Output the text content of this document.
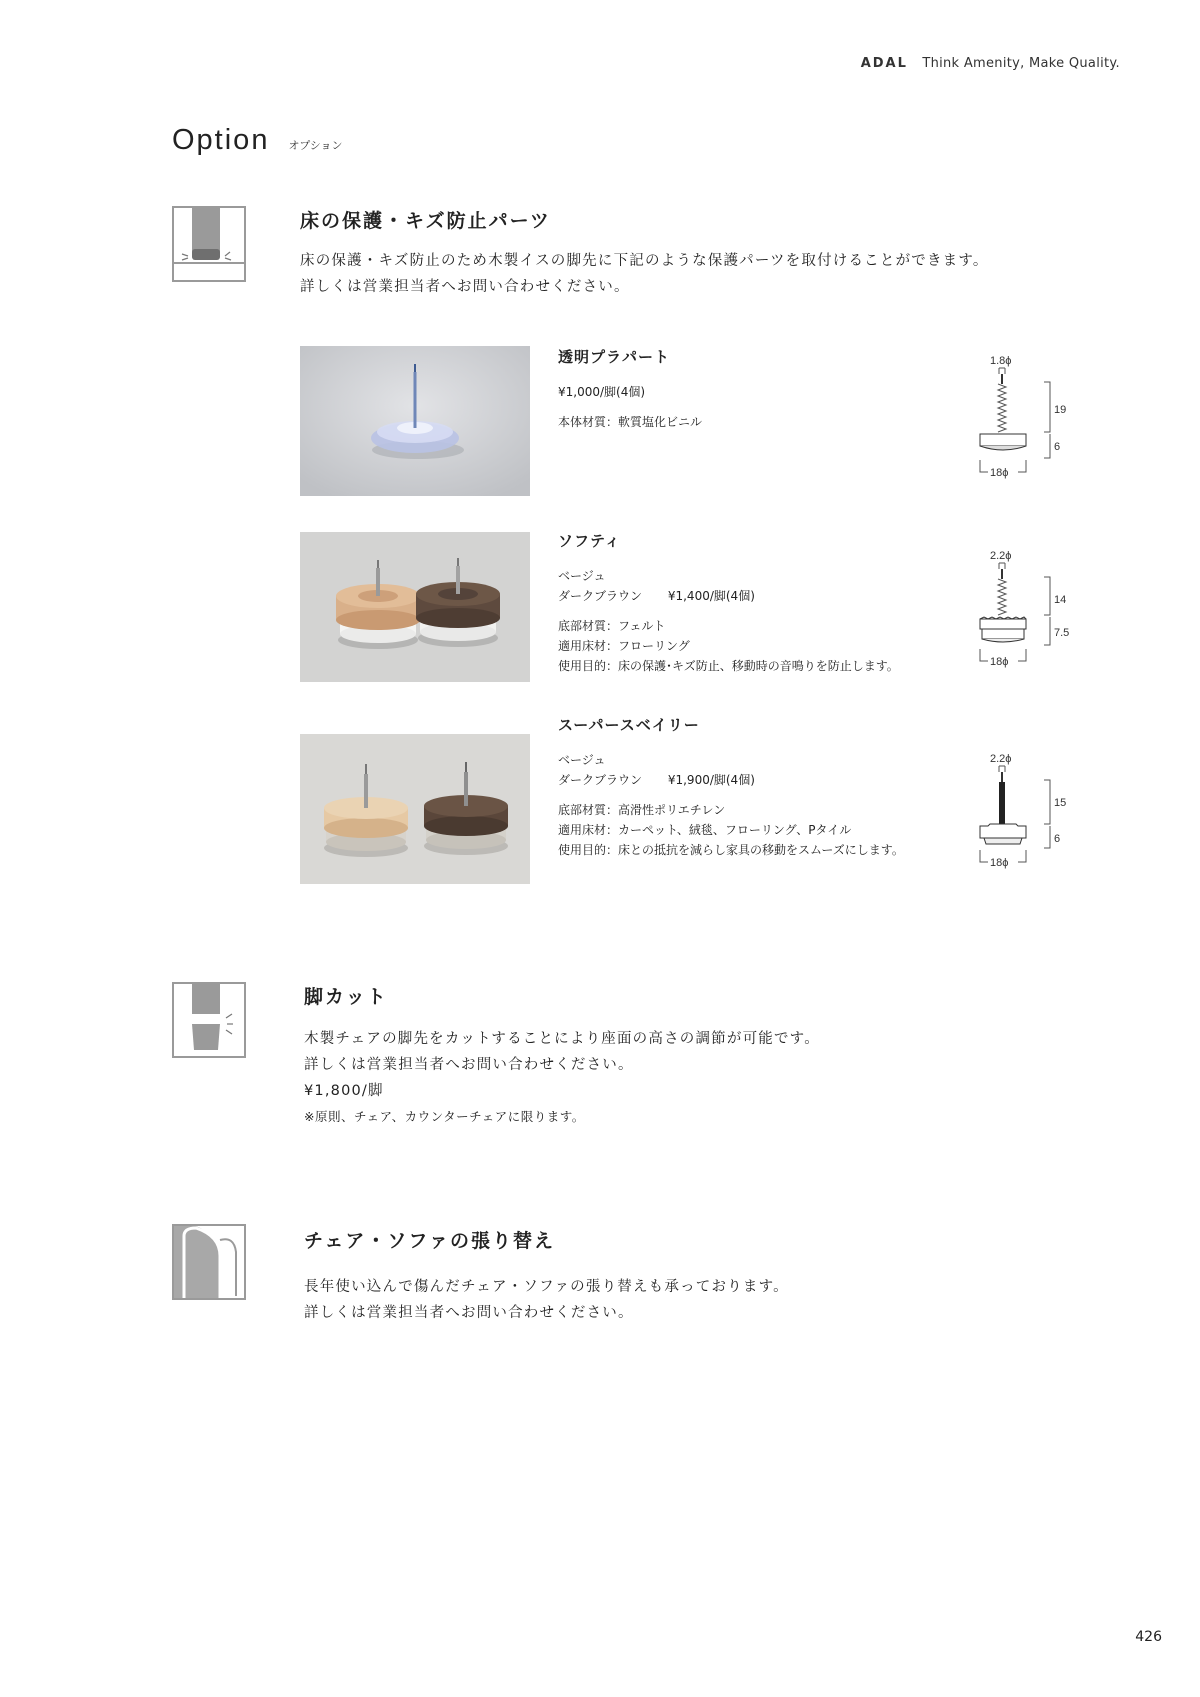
ADAL Think Amenity, Make Quality.
Option オプション
床の保護・キズ防止パーツ
床の保護・キズ防止のため木製イスの脚先に下記のような保護パーツを取付けることができます。
詳しくは営業担当者へお問い合わせください。
透明プラパート
¥1,000/脚(4個)
本体材質：軟質塩化ビニル
1.8ϕ
19
6
18ϕ
ソフティ
ベージュ
ダークブラウン ¥1,400/脚(4個)
底部材質：フェルト
適用床材：フローリング
使用目的：床の保護･キズ防止、移動時の音鳴りを防止します。
2.2ϕ
14
7.5
18ϕ
スーパースベイリー
ベージュ
ダークブラウン ¥1,900/脚(4個)
底部材質：高滑性ポリエチレン
適用床材：カーペット、絨毯、フローリング、Pタイル
使用目的：床との抵抗を減らし家具の移動をスムーズにします。
2.2ϕ
15
6
18ϕ
脚カット
木製チェアの脚先をカットすることにより座面の高さの調節が可能です。
詳しくは営業担当者へお問い合わせください。
¥1,800/脚
※原則、チェア、カウンターチェアに限ります。
チェア・ソファの張り替え
長年使い込んで傷んだチェア・ソファの張り替えも承っております。
詳しくは営業担当者へお問い合わせください。
426
